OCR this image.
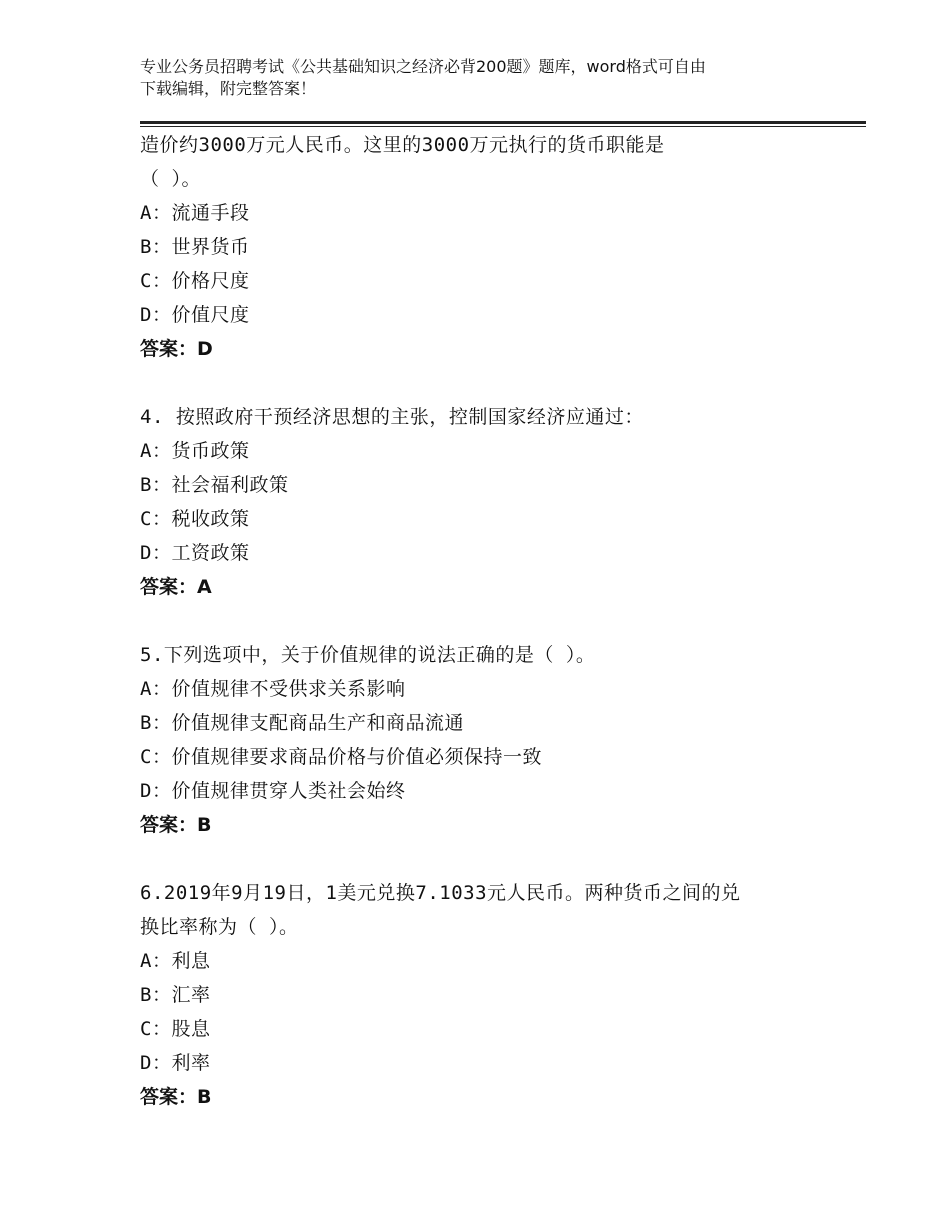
专业公务员招聘考试《公共基础知识之经济必背200题》题库，word格式可自由
下载编辑，附完整答案！
造价约3000万元人民币。这里的3000万元执行的货币职能是
（ ）。
A：流通手段
B：世界货币
C：价格尺度
D：价值尺度
答案：D
4. 按照政府干预经济思想的主张，控制国家经济应通过：
A：货币政策
B：社会福利政策
C：税收政策
D：工资政策
答案：A
5.下列选项中，关于价值规律的说法正确的是（ ）。
A：价值规律不受供求关系影响
B：价值规律支配商品生产和商品流通
C：价值规律要求商品价格与价值必须保持一致
D：价值规律贯穿人类社会始终
答案：B
6.2019年9月19日，1美元兑换7.1033元人民币。两种货币之间的兑
换比率称为（ ）。
A：利息
B：汇率
C：股息
D：利率
答案：B
